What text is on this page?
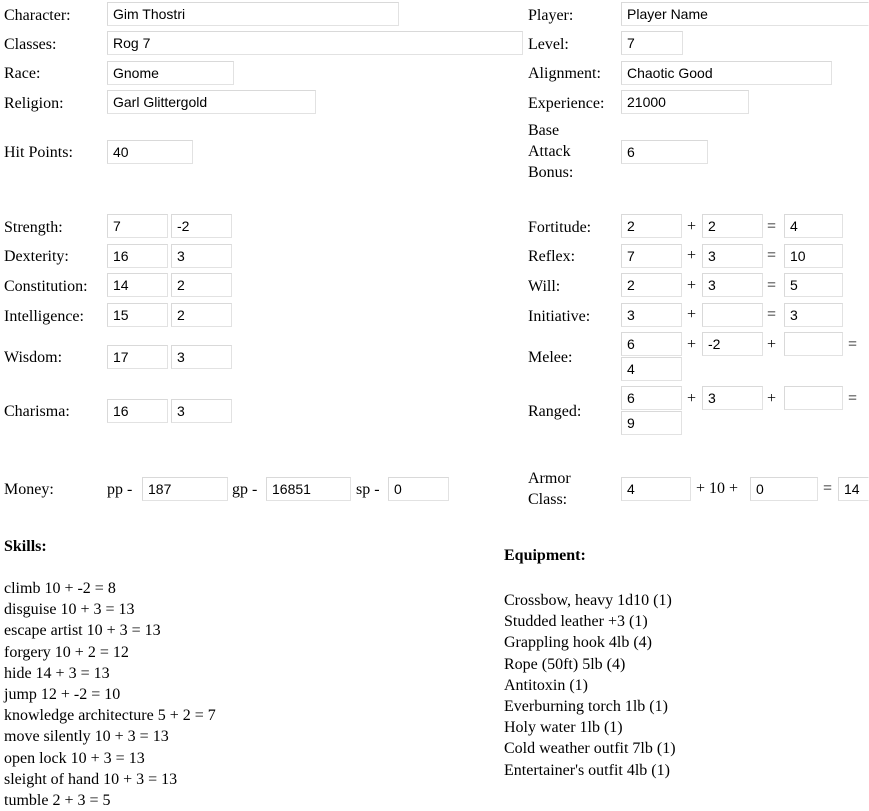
Character:	Gim Thostri	Player:	Player Name
Classes:	Rog 7	Level:	7
Race:	Gnome	Alignment:	Chaotic Good
Religion:	Garl Glittergold	Experience:	21000
Hit Points:	40
Base Attack Bonus:
6
Strength:	7	-2
Dexterity:	16	3
Constitution:	14	2
Intelligence:	15	2
Wisdom:	17	3
Charisma:	16	3
Fortitude:	2	+ 2	= 4
Reflex:	7	+ 3	= 10
Will:	2	+ 3	= 5
Initiative:	3	+	= 3
Melee:
6	+ -2	+	=
4
Ranged:
6	+ 3	+	=
9
Money:	pp -	187	gp -	16851	sp -	0
Armor Class:
4	+ 10 +	0	= 14
Skills:
climb 10 + -2 = 8
disguise 10 + 3 = 13
escape artist 10 + 3 = 13
forgery 10 + 2 = 12
hide 14 + 3 = 13
jump 12 + -2 = 10
knowledge architecture 5 + 2 = 7
move silently 10 + 3 = 13
open lock 10 + 3 = 13
sleight of hand 10 + 3 = 13
tumble 2 + 3 = 5
Equipment:
Crossbow, heavy 1d10 (1)
Studded leather +3 (1)
Grappling hook 4lb (4)
Rope (50ft) 5lb (4)
Antitoxin (1)
Everburning torch 1lb (1)
Holy water 1lb (1)
Cold weather outfit 7lb (1)
Entertainer's outfit 4lb (1)
